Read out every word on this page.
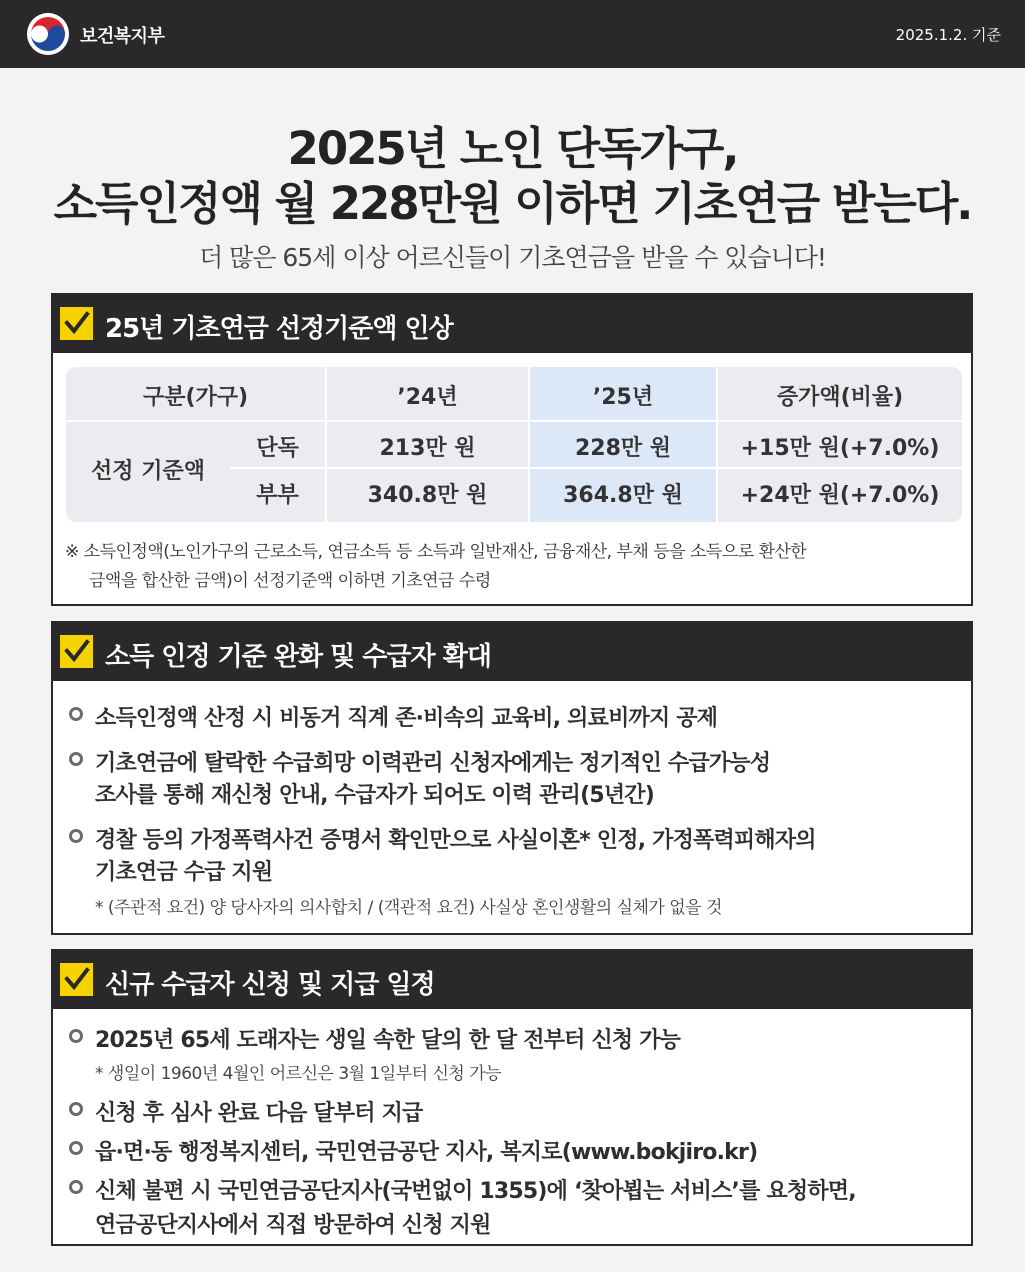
보건복지부	2025.1.2. 기준
2025년 노인 단독가구,
소득인정액 월 228만원 이하면 기초연금 받는다.
더 많은 65세 이상 어르신들이 기초연금을 받을 수 있습니다!
25년 기초연금 선정기준액 인상
구분(가구)	’24년	’25년	증가액(비율)
선정 기준액
단독	213만 원	228만 원	+15만 원(+7.0%)
부부	340.8만 원	364.8만 원	+24만 원(+7.0%)
※ 소득인정액(노인가구의 근로소득, 연금소득 등 소득과 일반재산, 금융재산, 부채 등을 소득으로 환산한
금액을 합산한 금액)이 선정기준액 이하면 기초연금 수령
소득 인정 기준 완화 및 수급자 확대
소득인정액 산정 시 비동거 직계 존·비속의 교육비, 의료비까지 공제
기초연금에 탈락한 수급희망 이력관리 신청자에게는 정기적인 수급가능성
조사를 통해 재신청 안내, 수급자가 되어도 이력 관리(5년간)
경찰 등의 가정폭력사건 증명서 확인만으로 사실이혼* 인정, 가정폭력피해자의
기초연금 수급 지원
* (주관적 요건) 양 당사자의 의사합치 / (객관적 요건) 사실상 혼인생활의 실체가 없을 것
신규 수급자 신청 및 지급 일정
2025년 65세 도래자는 생일 속한 달의 한 달 전부터 신청 가능
* 생일이 1960년 4월인 어르신은 3월 1일부터 신청 가능
신청 후 심사 완료 다음 달부터 지급
읍·면·동 행정복지센터, 국민연금공단 지사, 복지로(www.bokjiro.kr)
신체 불편 시 국민연금공단지사(국번없이 1355)에 ‘찾아뵙는 서비스’를 요청하면,
연금공단지사에서 직접 방문하여 신청 지원
